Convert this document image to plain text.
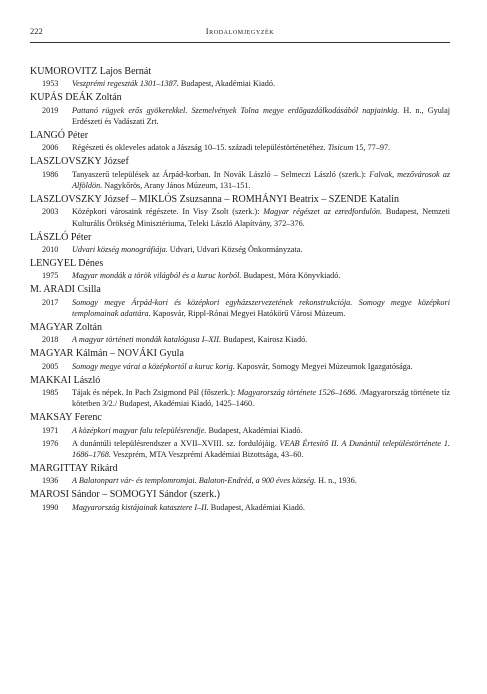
222	Irodalomjegyzék

KUMOROVITZ Lajos Bernát

1953	Veszprémi regeszták 1301–1387. Budapest, Akadémiai Kiadó.

KUPÁS DEÁK Zoltán

2019	Pattanó rügyek erős gyökerekkel. Szemelvények Tolna megye erdőgazdálkodásából napjainkig. H. n., Gyulaj Erdészeti és Vadászati Zrt.

LANGÓ Péter

2006	Régészeti és okleveles adatok a Jászság 10–15. századi településtörténetéhez. Tisicum 15, 77–97.

LASZLOVSZKY József

1986	Tanyaszerű települések az Árpád-korban. In Novák László – Selmeczi László (szerk.): Falvak, mezővárosok az Alföldön. Nagykőrös, Arany János Múzeum, 131–151.

LASZLOVSZKY József – MIKLÓS Zsuzsanna – ROMHÁNYI Beatrix – SZENDE Katalin

2003	Középkori városaink régészete. In Visy Zsolt (szerk.): Magyar régészet az ezredfordulón. Budapest, Nemzeti Kulturális Örökség Minisztériuma, Teleki László Alapítvány, 372–376.

LÁSZLÓ Péter

2010	Udvari község monográfiája. Udvari, Udvari Község Önkormányzata.

LENGYEL Dénes

1975	Magyar mondák a török világból és a kuruc korból. Budapest, Móra Könyvkiadó.

M. ARADI Csilla

2017	Somogy megye Árpád-kori és középkori egyházszervezetének rekonstrukciója. Somogy megye középkori templomainak adattára. Kaposvár, Rippl-Rónai Megyei Hatókörű Városi Múzeum.

MAGYAR Zoltán

2018	A magyar történeti mondák katalógusa I–XII. Budapest, Kairosz Kiadó.

MAGYAR Kálmán – NOVÁKI Gyula

2005	Somogy megye várai a középkortól a kuruc korig. Kaposvár, Somogy Megyei Múzeumok Igazgatósága.

MAKKAI László

1985	Tájak és népek. In Pach Zsigmond Pál (főszerk.): Magyarország története 1526–1686. /Magyarország története tíz kötetben 3/2./ Budapest, Akadémiai Kiadó, 1425–1460.

MAKSAY Ferenc

1971	A középkori magyar falu településrendje. Budapest, Akadémiai Kiadó.
1976	A dunántúli településrendszer a XVII–XVIII. sz. fordulójáig. VEAB Értesítő II. A Dunántúl településtörténete 1. 1686–1768. Veszprém, MTA Veszprémi Akadémiai Bizottsága, 43–60.

MARGITTAY Rikárd

1936	A Balatonpart vár- és templomromjai. Balaton-Endréd, a 900 éves község. H. n., 1936.

MAROSI Sándor – SOMOGYI Sándor (szerk.)

1990	Magyarország kistájainak katasztere I–II. Budapest, Akadémiai Kiadó.
